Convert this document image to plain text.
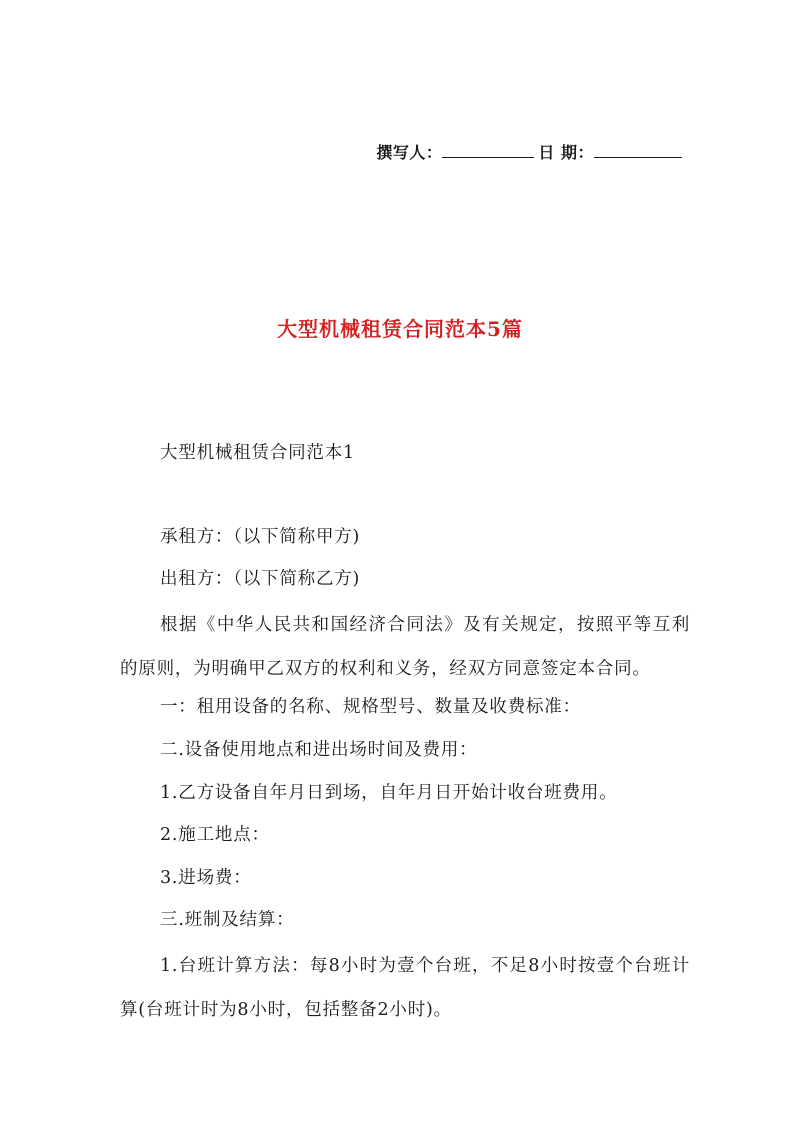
撰写人：	日 期：
大型机械租赁合同范本5篇
大型机械租赁合同范本1
承租方：（以下简称甲方)
出租方：（以下简称乙方)
根据《中华人民共和国经济合同法》及有关规定，按照平等互利的原则，为明确甲乙双方的权利和义务，经双方同意签定本合同。
一：租用设备的名称、规格型号、数量及收费标准：
二.设备使用地点和进出场时间及费用：
1.乙方设备自年月日到场，自年月日开始计收台班费用。
2.施工地点：
3.进场费：
三.班制及结算：
1.台班计算方法：每8小时为壹个台班，不足8小时按壹个台班计算(台班计时为8小时，包括整备2小时)。
